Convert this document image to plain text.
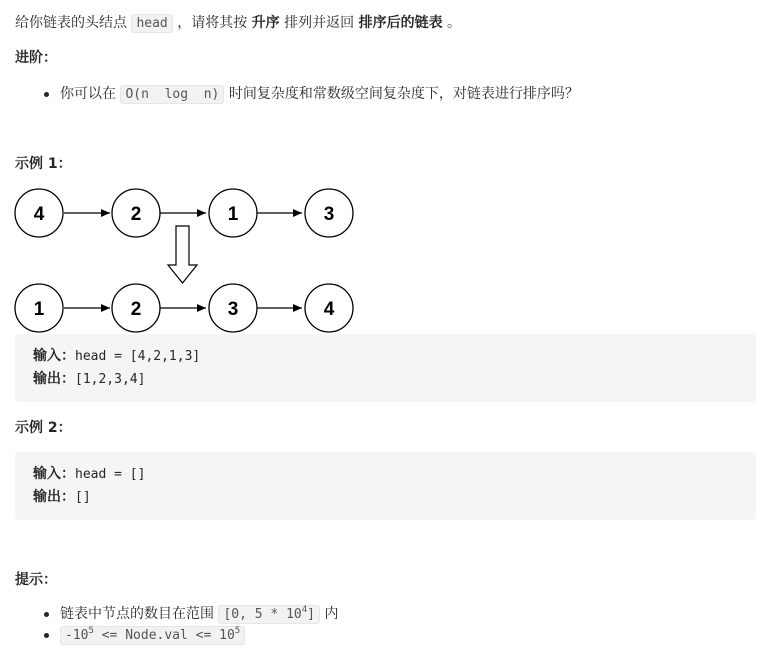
给你链表的头结点 head ，请将其按 升序 排列并返回 排序后的链表 。
进阶：
你可以在 O(n  log  n) 时间复杂度和常数级空间复杂度下，对链表进行排序吗？
示例 1：
4	2	1	3
1	2	3	4
输入：head = [4,2,1,3]
输出：[1,2,3,4]
示例 2：
输入：head = []
输出：[]
提示：
链表中节点的数目在范围 [0, $5 * 10^4$] 内
$-10^5$ <= Node.val <= $10^5$
